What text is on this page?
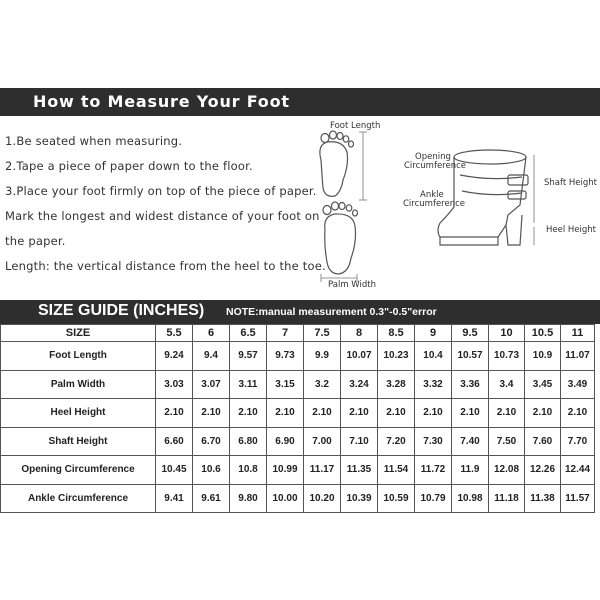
How to Measure Your Foot
1.Be seated when measuring.
2.Tape a piece of paper down to the floor.
3.Place your foot firmly on top of the piece of paper.
Mark the longest and widest distance of your foot on
the paper.
Length: the vertical distance from the heel to the toe.
Foot Length
Palm Width
Opening
Circumference
Ankle
Circumference
Shaft Height
Heel Height
SIZE GUIDE (INCHES) NOTE:manual measurement 0.3"-0.5"error
SIZE	5.5	6	6.5	7	7.5	8	8.5	9	9.5	10	10.5	11
Foot Length	9.24	9.4	9.57	9.73	9.9	10.07	10.23	10.4	10.57	10.73	10.9	11.07
Palm Width	3.03	3.07	3.11	3.15	3.2	3.24	3.28	3.32	3.36	3.4	3.45	3.49
Heel Height	2.10	2.10	2.10	2.10	2.10	2.10	2.10	2.10	2.10	2.10	2.10	2.10
Shaft Height	6.60	6.70	6.80	6.90	7.00	7.10	7.20	7.30	7.40	7.50	7.60	7.70
Opening Circumference	10.45	10.6	10.8	10.99	11.17	11.35	11.54	11.72	11.9	12.08	12.26	12.44
Ankle Circumference	9.41	9.61	9.80	10.00	10.20	10.39	10.59	10.79	10.98	11.18	11.38	11.57
